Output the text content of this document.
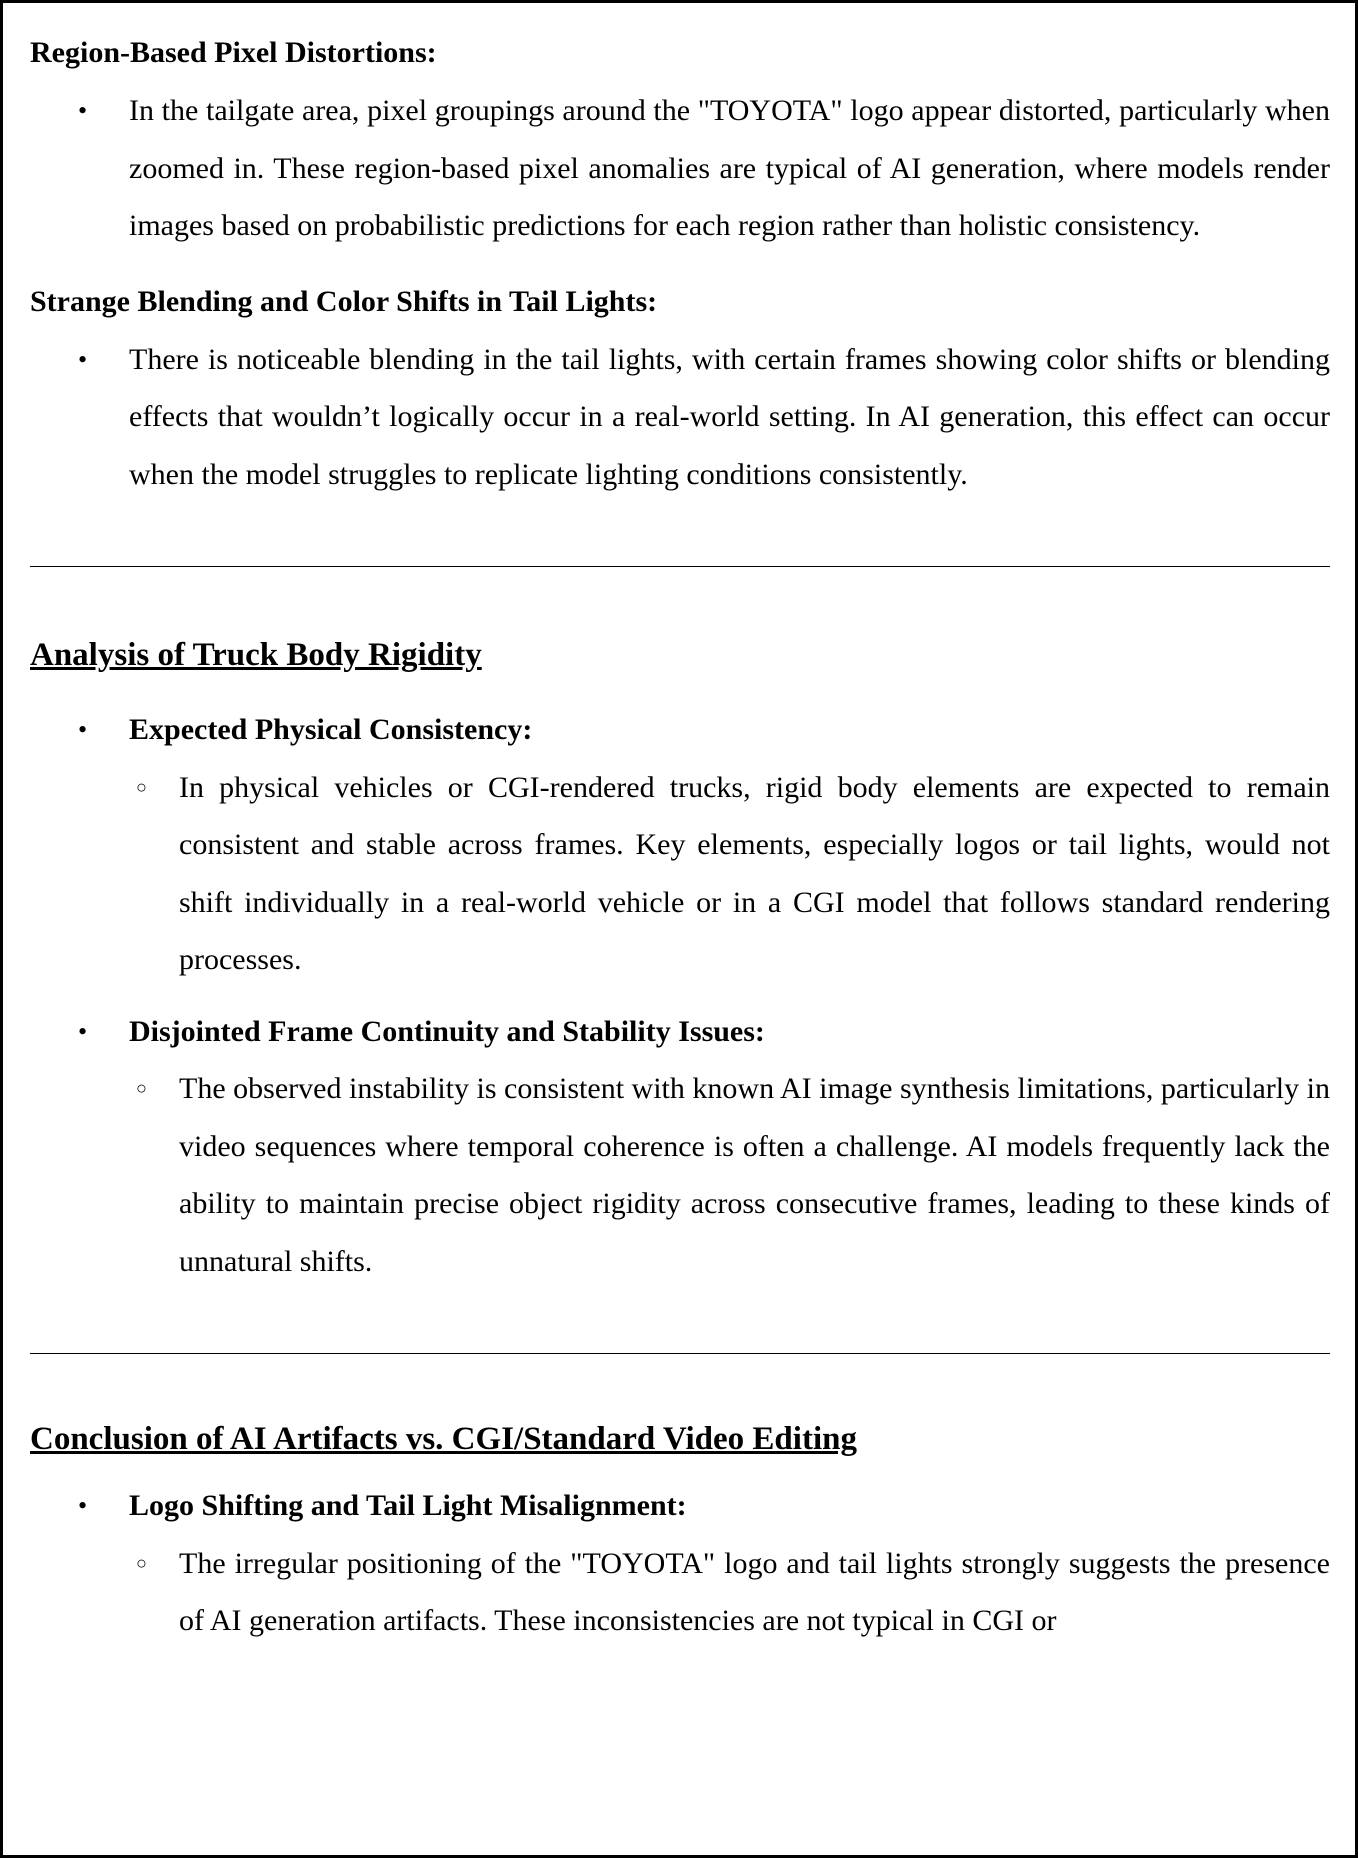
Region-Based Pixel Distortions:
• In the tailgate area, pixel groupings around the "TOYOTA" logo appear distorted, particularly when zoomed in. These region-based pixel anomalies are typical of AI generation, where models render images based on probabilistic predictions for each region rather than holistic consistency.

Strange Blending and Color Shifts in Tail Lights:
• There is noticeable blending in the tail lights, with certain frames showing color shifts or blending effects that wouldn’t logically occur in a real-world setting. In AI generation, this effect can occur when the model struggles to replicate lighting conditions consistently.

Analysis of Truck Body Rigidity
• Expected Physical Consistency:

○ In physical vehicles or CGI-rendered trucks, rigid body elements are expected to remain consistent and stable across frames. Key elements, especially logos or tail lights, would not shift individually in a real-world vehicle or in a CGI model that follows standard rendering processes.

• Disjointed Frame Continuity and Stability Issues:

○ The observed instability is consistent with known AI image synthesis limitations, particularly in video sequences where temporal coherence is often a challenge. AI models frequently lack the ability to maintain precise object rigidity across consecutive frames, leading to these kinds of unnatural shifts.

Conclusion of AI Artifacts vs. CGI/Standard Video Editing
• Logo Shifting and Tail Light Misalignment:

○ The irregular positioning of the "TOYOTA" logo and tail lights strongly suggests the presence of AI generation artifacts. These inconsistencies are not typical in CGI or
